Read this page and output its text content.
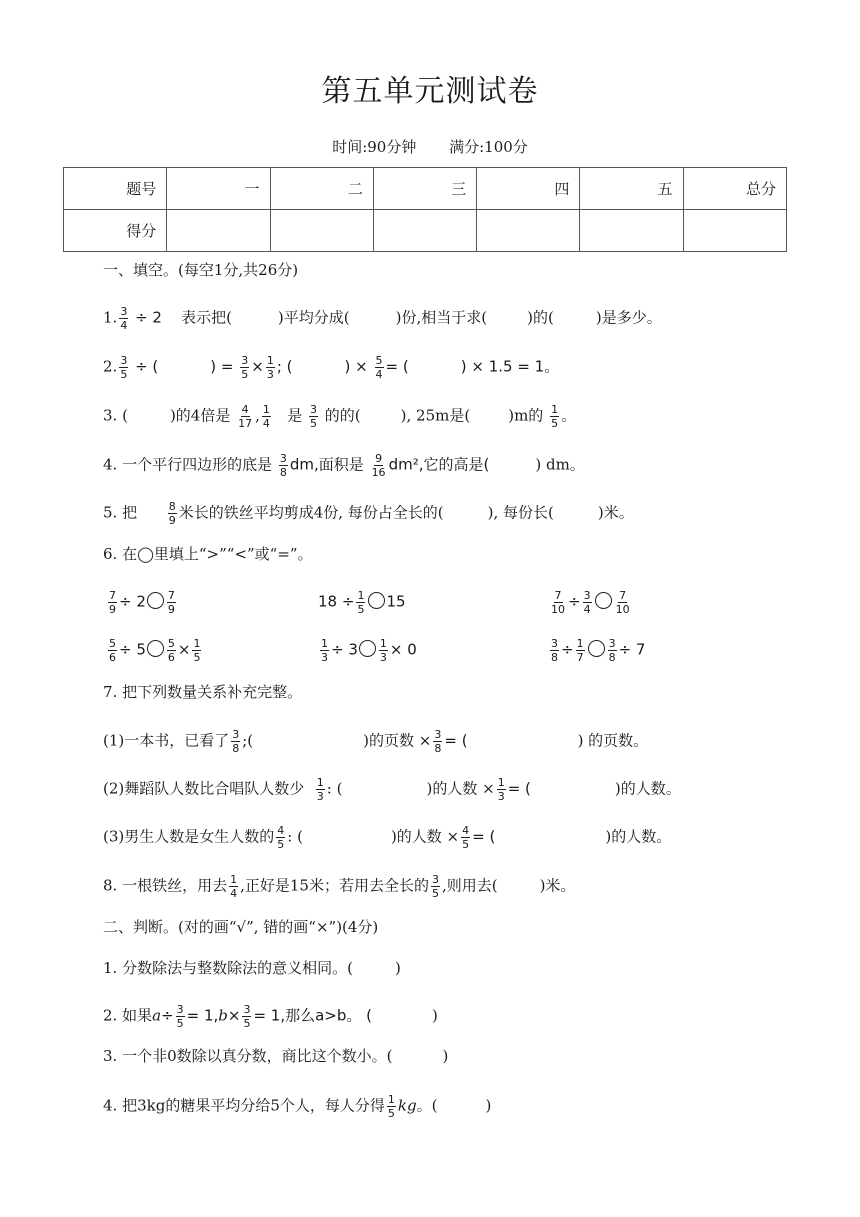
第五单元测试卷
时间:90分钟 满分:100分
题号	一	二	三	四	五	总分
得分						
一、填空。(每空1分,共26分)
1. $\frac{3}{4} \div 2$ 表示把(	)平均分成(	)份,相当于求(	)的(	)是多少。
2. $\frac{3}{5}$ ÷ (	) = $\frac{3}{5} \times \frac{1}{3}$ ; (	) × $\frac{5}{4}$ = (	) × 1.5 = 1。
3. (	)的4倍是 $\frac{4}{17}$ , $\frac{1}{4}$ 是 $\frac{3}{5}$ 的的(	), 25m是(	)m的 $\frac{1}{5}$ 。
4. 一个平行四边形的底是 $\frac{3}{8}$ dm,面积是 $\frac{9}{16} dm^2$,它的高是(	) dm。
5. 把	$\frac{8}{9}$ 米长的铁丝平均剪成4份, 每份占全长的(	), 每份长(	)米。
6. 在◯里填上“>”“<”或“=”。
$\frac{7}{9} \div 2 \frac{7}{9}$	$18 \div \frac{1}{5} 15$	$\frac{7}{10} \div \frac{3}{4} \frac{7}{10}$
$\frac{5}{6} \div 5 \frac{5}{6} \times \frac{1}{5}$	$\frac{1}{3} \div 3 \frac{1}{3} \times 0$	$\frac{3}{8} \div \frac{1}{7} \frac{3}{8} \div 7$
7. 把下列数量关系补充完整。
(1)一本书，已看了 $\frac{3}{8}$ ;(	)的页数 × $\frac{3}{8}$ = (	) 的页数。
(2)舞蹈队人数比合唱队人数少 $\frac{1}{3}$ : (	)的人数 × $\frac{1}{3}$ = (	)的人数。
(3)男生人数是女生人数的 $\frac{4}{5}$ : (	)的人数 × $\frac{4}{5}$ = (	)的人数。
8. 一根铁丝，用去 $\frac{1}{4}$ ,正好是15米；若用去全长的 $\frac{3}{5}$ ,则用去(	)米。
二、判断。(对的画“√”, 错的画“×”)(4分)
1. 分数除法与整数除法的意义相同。(	)
2. 如果$a\div \frac{3}{5} = 1,b\times \frac{3}{5} = 1$,那么a>b。 (	)
3. 一个非0数除以真分数，商比这个数小。(	)
4. 把3kg的糖果平均分给5个人，每人分得 $\frac{1}{5}$ kg。(	)
